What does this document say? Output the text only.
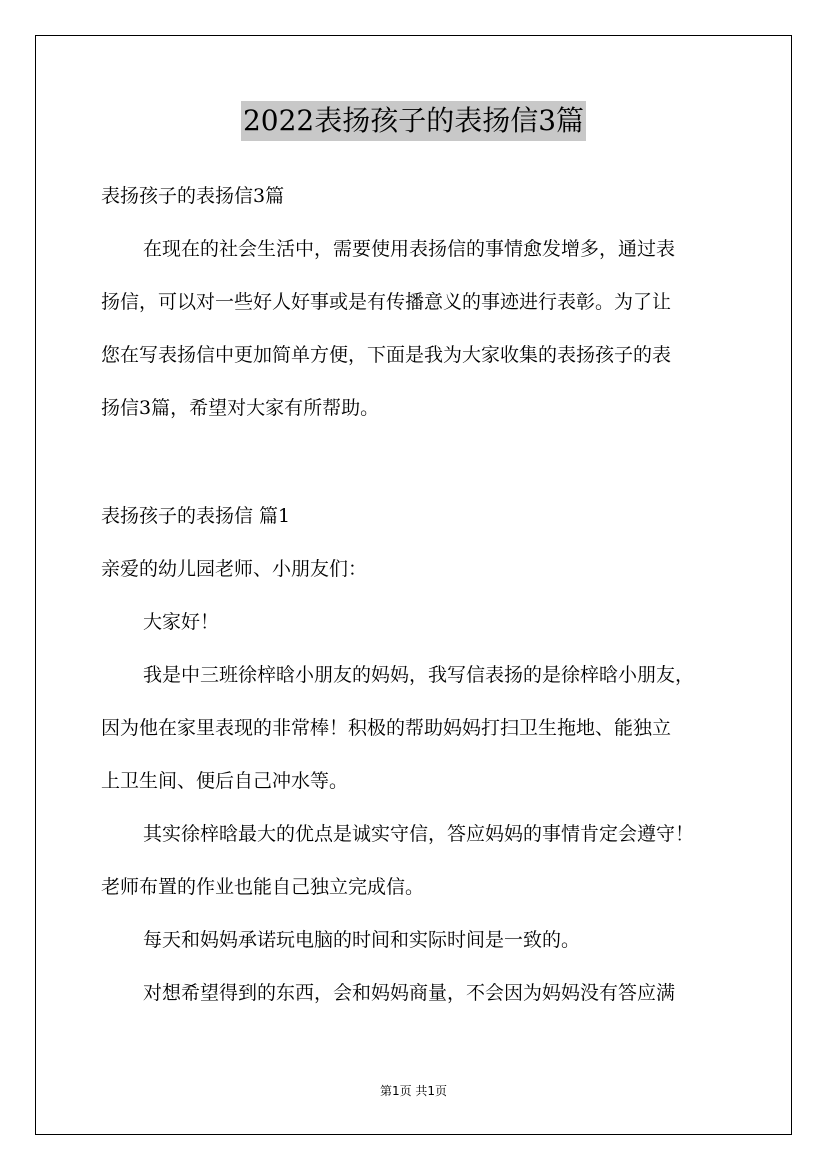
2022表扬孩子的表扬信3篇
表扬孩子的表扬信3篇
在现在的社会生活中，需要使用表扬信的事情愈发增多，通过表
扬信，可以对一些好人好事或是有传播意义的事迹进行表彰。为了让
您在写表扬信中更加简单方便，下面是我为大家收集的表扬孩子的表
扬信3篇，希望对大家有所帮助。
表扬孩子的表扬信 篇1
亲爱的幼儿园老师、小朋友们：
大家好！
我是中三班徐梓晗小朋友的妈妈，我写信表扬的是徐梓晗小朋友，
因为他在家里表现的非常棒！积极的帮助妈妈打扫卫生拖地、能独立
上卫生间、便后自己冲水等。
其实徐梓晗最大的优点是诚实守信，答应妈妈的事情肯定会遵守！
老师布置的作业也能自己独立完成信。
每天和妈妈承诺玩电脑的时间和实际时间是一致的。
对想希望得到的东西，会和妈妈商量，不会因为妈妈没有答应满
第1页 共1页
